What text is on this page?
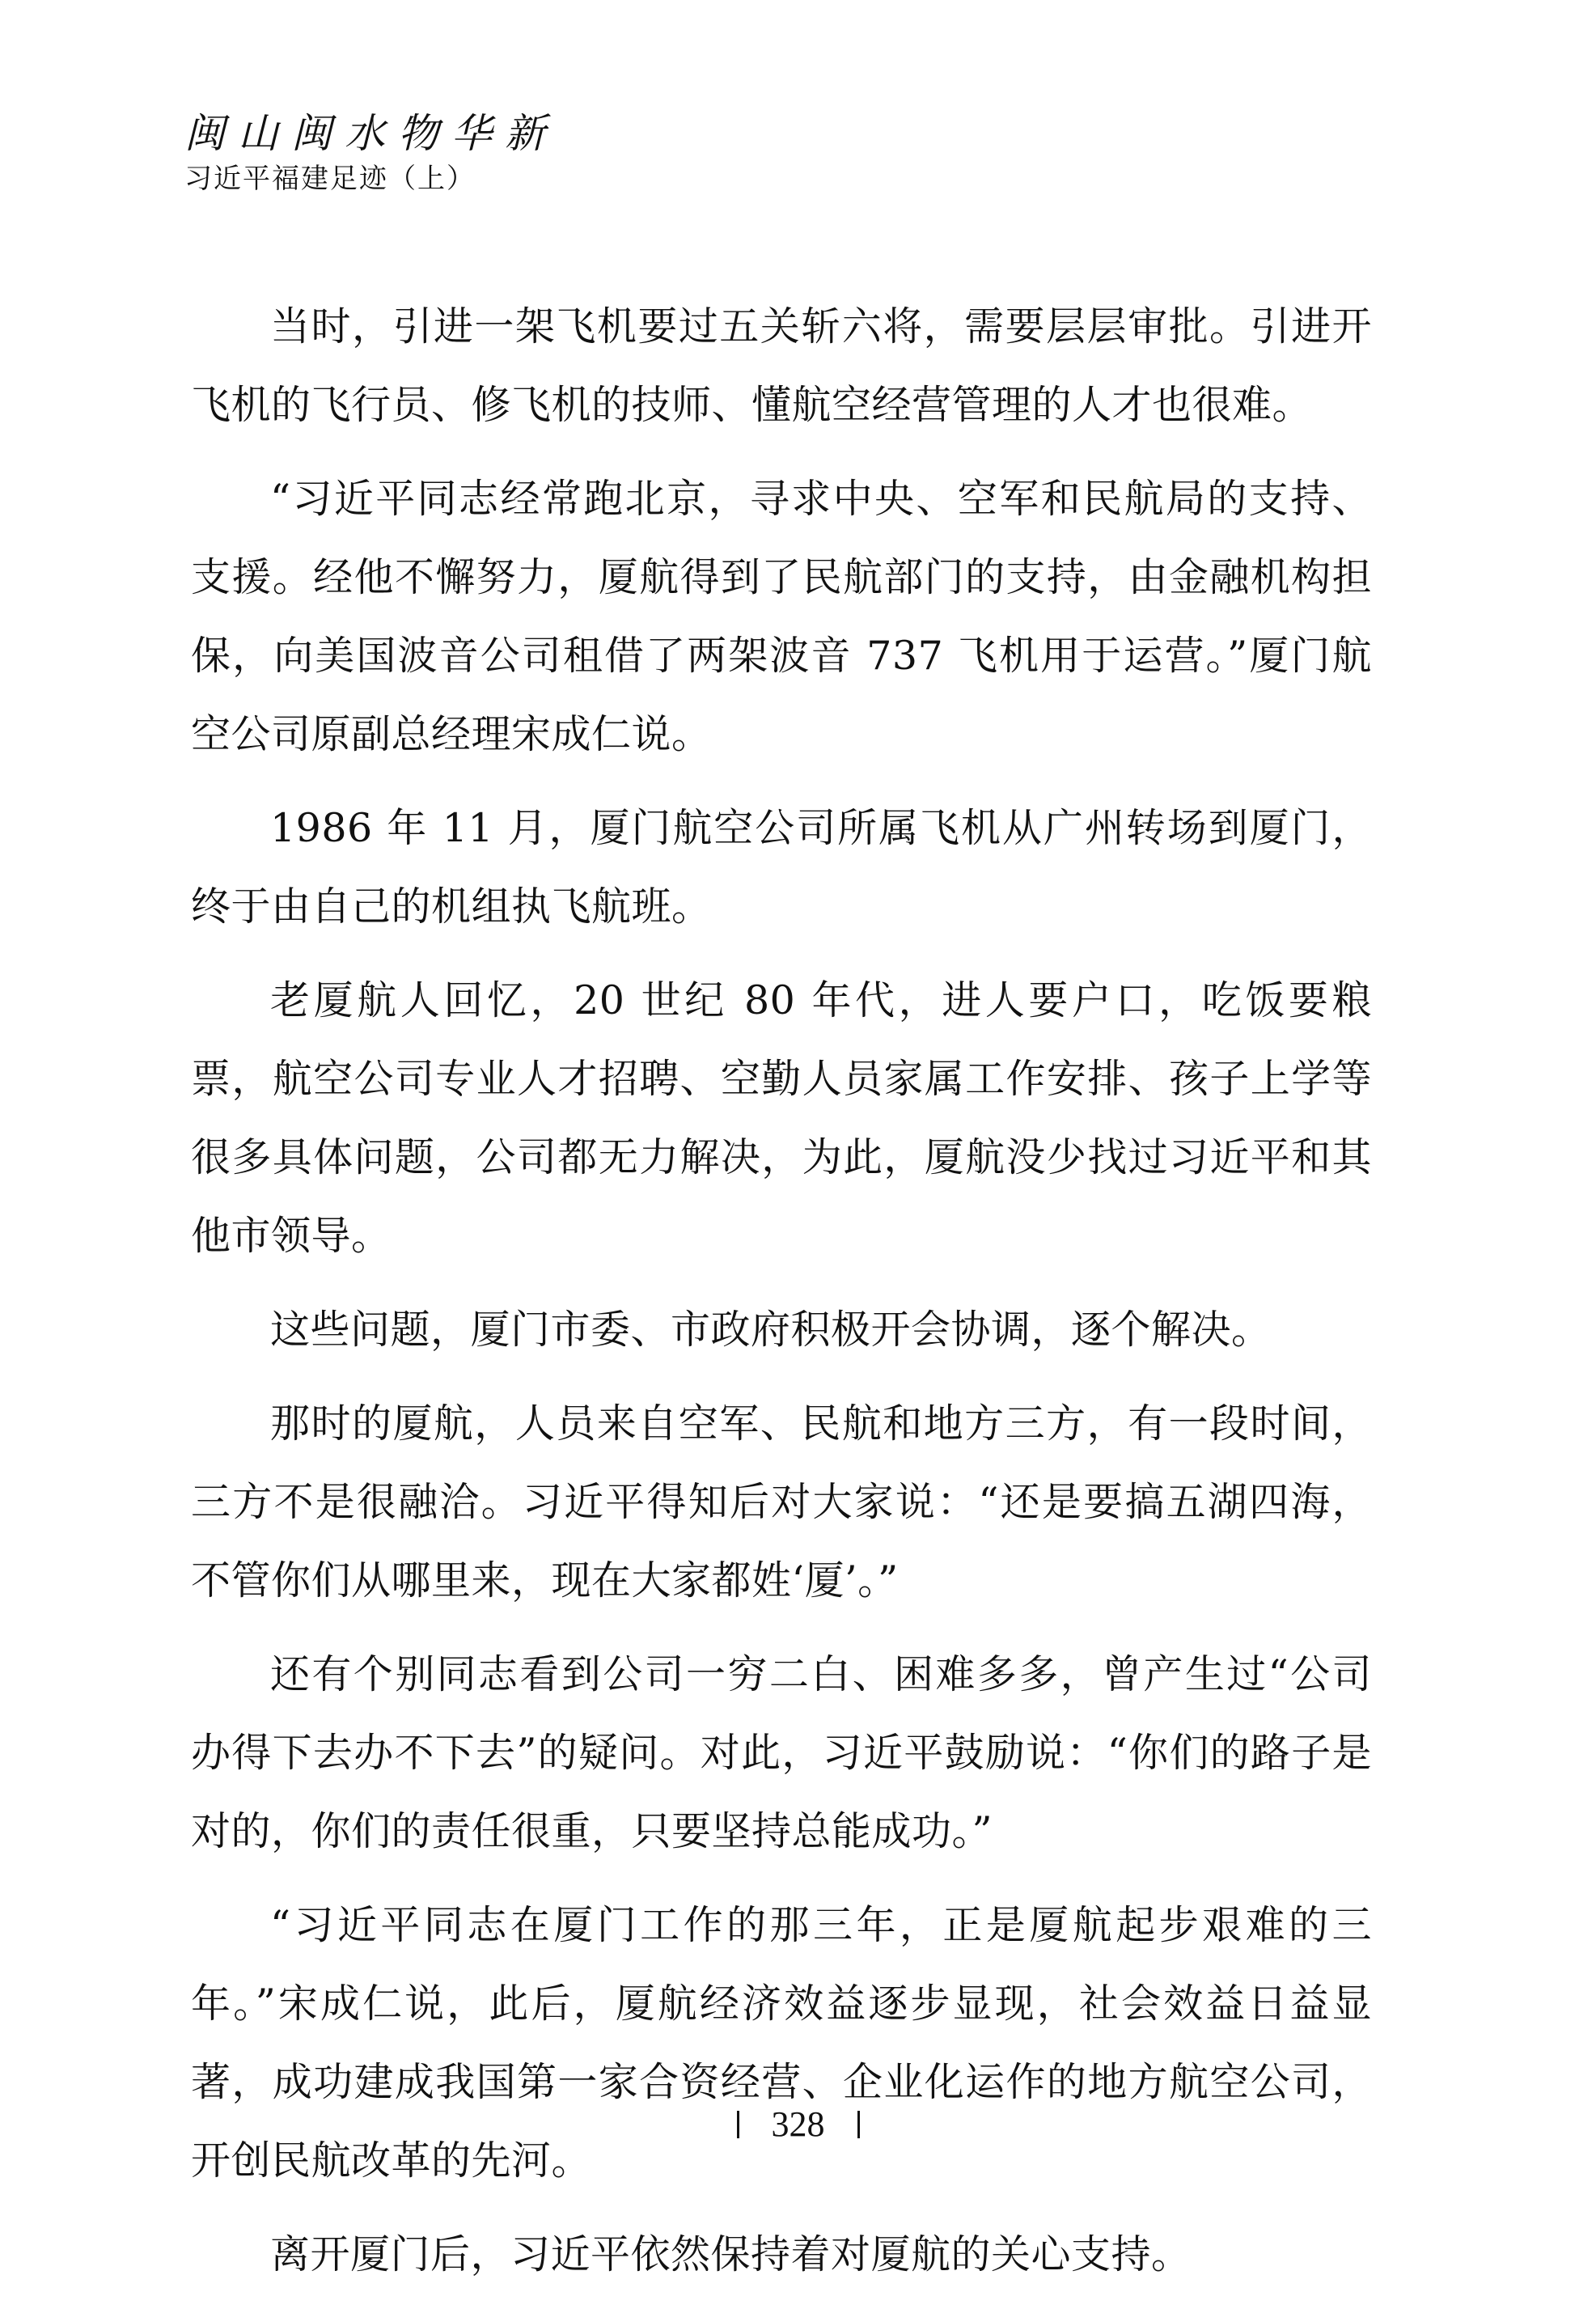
闽山闽水物华新
习近平福建足迹（上）

当时，引进一架飞机要过五关斩六将，需要层层审批。引进开飞机的飞行员、修飞机的技师、懂航空经营管理的人才也很难。

“习近平同志经常跑北京，寻求中央、空军和民航局的支持、支援。经他不懈努力，厦航得到了民航部门的支持，由金融机构担保，向美国波音公司租借了两架波音 737 飞机用于运营。”厦门航空公司原副总经理宋成仁说。

1986 年 11 月，厦门航空公司所属飞机从广州转场到厦门，终于由自己的机组执飞航班。

老厦航人回忆，20 世纪 80 年代，进人要户口，吃饭要粮票，航空公司专业人才招聘、空勤人员家属工作安排、孩子上学等很多具体问题，公司都无力解决，为此，厦航没少找过习近平和其他市领导。

这些问题，厦门市委、市政府积极开会协调，逐个解决。

那时的厦航，人员来自空军、民航和地方三方，有一段时间，三方不是很融洽。习近平得知后对大家说：“还是要搞五湖四海，不管你们从哪里来，现在大家都姓‘厦’。”

还有个别同志看到公司一穷二白、困难多多，曾产生过“公司办得下去办不下去”的疑问。对此，习近平鼓励说：“你们的路子是对的，你们的责任很重，只要坚持总能成功。”

“习近平同志在厦门工作的那三年，正是厦航起步艰难的三年。”宋成仁说，此后，厦航经济效益逐步显现，社会效益日益显著，成功建成我国第一家合资经营、企业化运作的地方航空公司，开创民航改革的先河。

离开厦门后，习近平依然保持着对厦航的关心支持。

328
